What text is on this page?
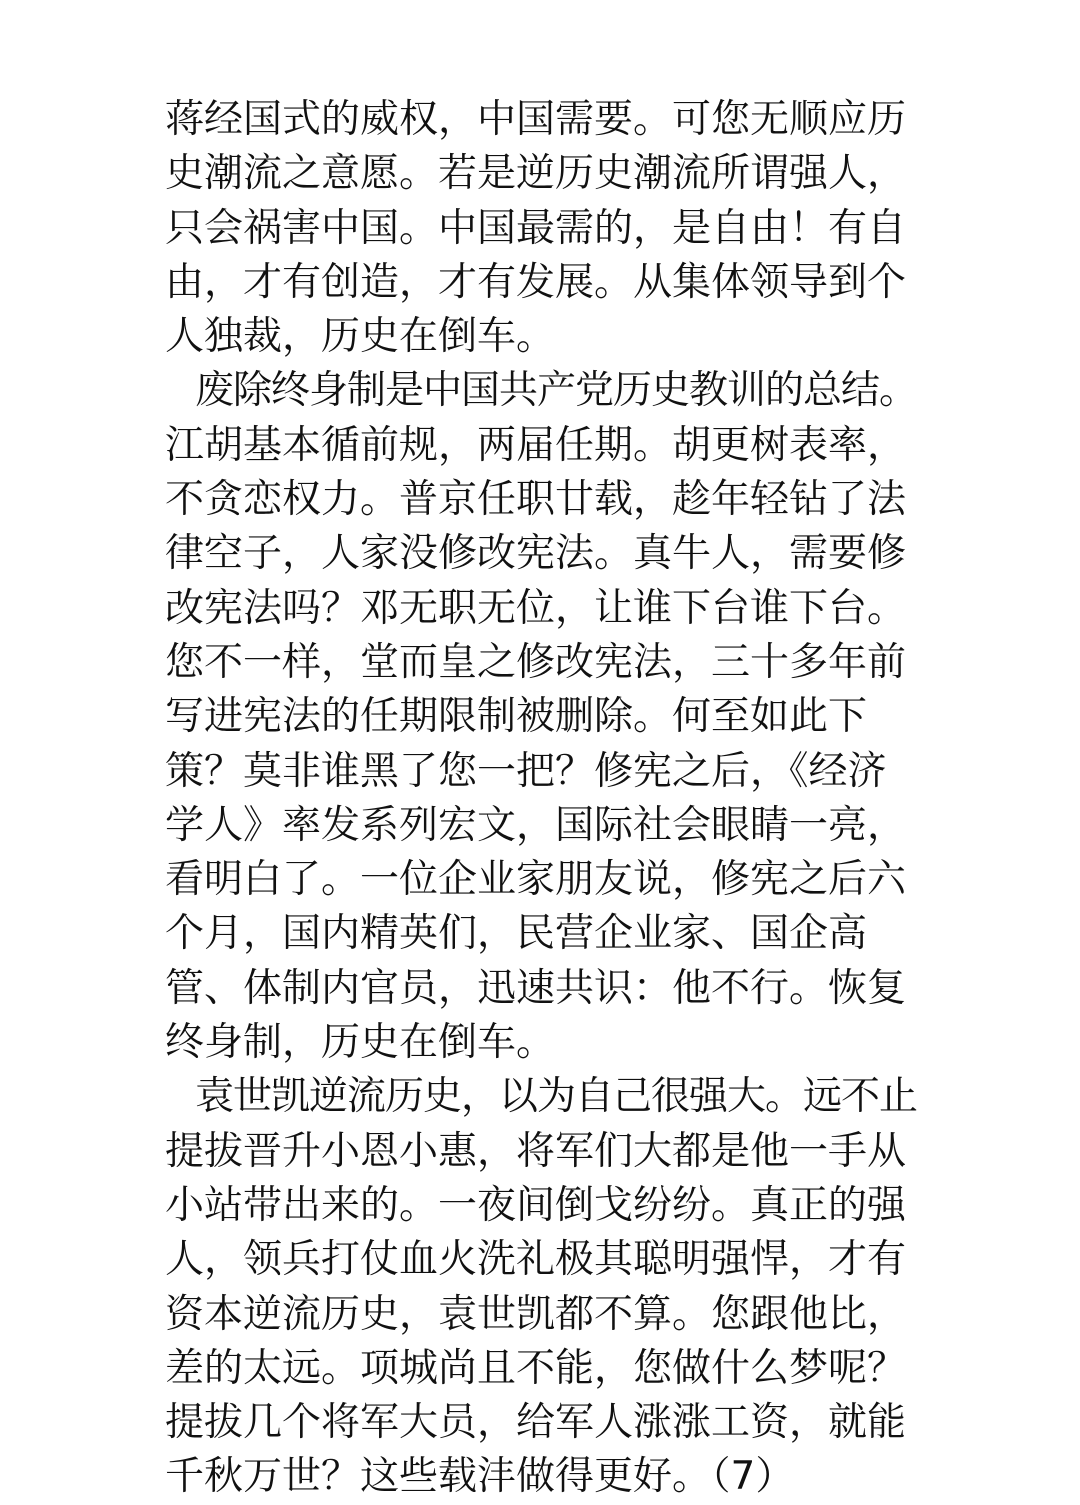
蒋经国式的威权，中国需要。可您无顺应历
史潮流之意愿。若是逆历史潮流所谓强人，
只会祸害中国。中国最需的，是自由！有自
由，才有创造，才有发展。从集体领导到个
人独裁，历史在倒车。
废除终身制是中国共产党历史教训的总结。
江胡基本循前规，两届任期。胡更树表率，
不贪恋权力。普京任职廿载，趁年轻钻了法
律空子，人家没修改宪法。真牛人，需要修
改宪法吗？邓无职无位，让谁下台谁下台。
您不一样，堂而皇之修改宪法，三十多年前
写进宪法的任期限制被删除。何至如此下
策？莫非谁黑了您一把？修宪之后，《经济
学人》率发系列宏文，国际社会眼睛一亮，
看明白了。一位企业家朋友说，修宪之后六
个月，国内精英们，民营企业家、国企高
管、体制内官员，迅速共识：他不行。恢复
终身制，历史在倒车。
袁世凯逆流历史，以为自己很强大。远不止
提拔晋升小恩小惠，将军们大都是他一手从
小站带出来的。一夜间倒戈纷纷。真正的强
人，领兵打仗血火洗礼极其聪明强悍，才有
资本逆流历史，袁世凯都不算。您跟他比，
差的太远。项城尚且不能，您做什么梦呢？
提拔几个将军大员，给军人涨涨工资，就能
千秋万世？这些载沣做得更好。（7）
